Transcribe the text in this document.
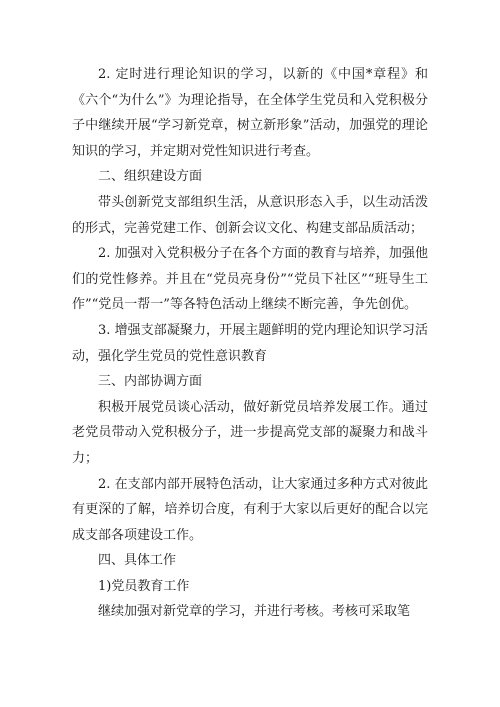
2. 定时进行理论知识的学习，以新的《中国*章程》和《六个“为什么”》为理论指导，在全体学生党员和入党积极分子中继续开展“学习新党章，树立新形象”活动，加强党的理论知识的学习，并定期对党性知识进行考查。

二、组织建设方面

带头创新党支部组织生活，从意识形态入手，以生动活泼的形式，完善党建工作、创新会议文化、构建支部品质活动；

2. 加强对入党积极分子在各个方面的教育与培养，加强他们的党性修养。并且在“党员亮身份”“党员下社区”“班导生工作”“党员一帮一”等各特色活动上继续不断完善，争先创优。

3. 增强支部凝聚力，开展主题鲜明的党内理论知识学习活动，强化学生党员的党性意识教育

三、内部协调方面

积极开展党员谈心活动，做好新党员培养发展工作。通过老党员带动入党积极分子，进一步提高党支部的凝聚力和战斗力；

2. 在支部内部开展特色活动，让大家通过多种方式对彼此有更深的了解，培养切合度，有利于大家以后更好的配合以完成支部各项建设工作。

四、具体工作

1)党员教育工作

继续加强对新党章的学习，并进行考核。考核可采取笔
